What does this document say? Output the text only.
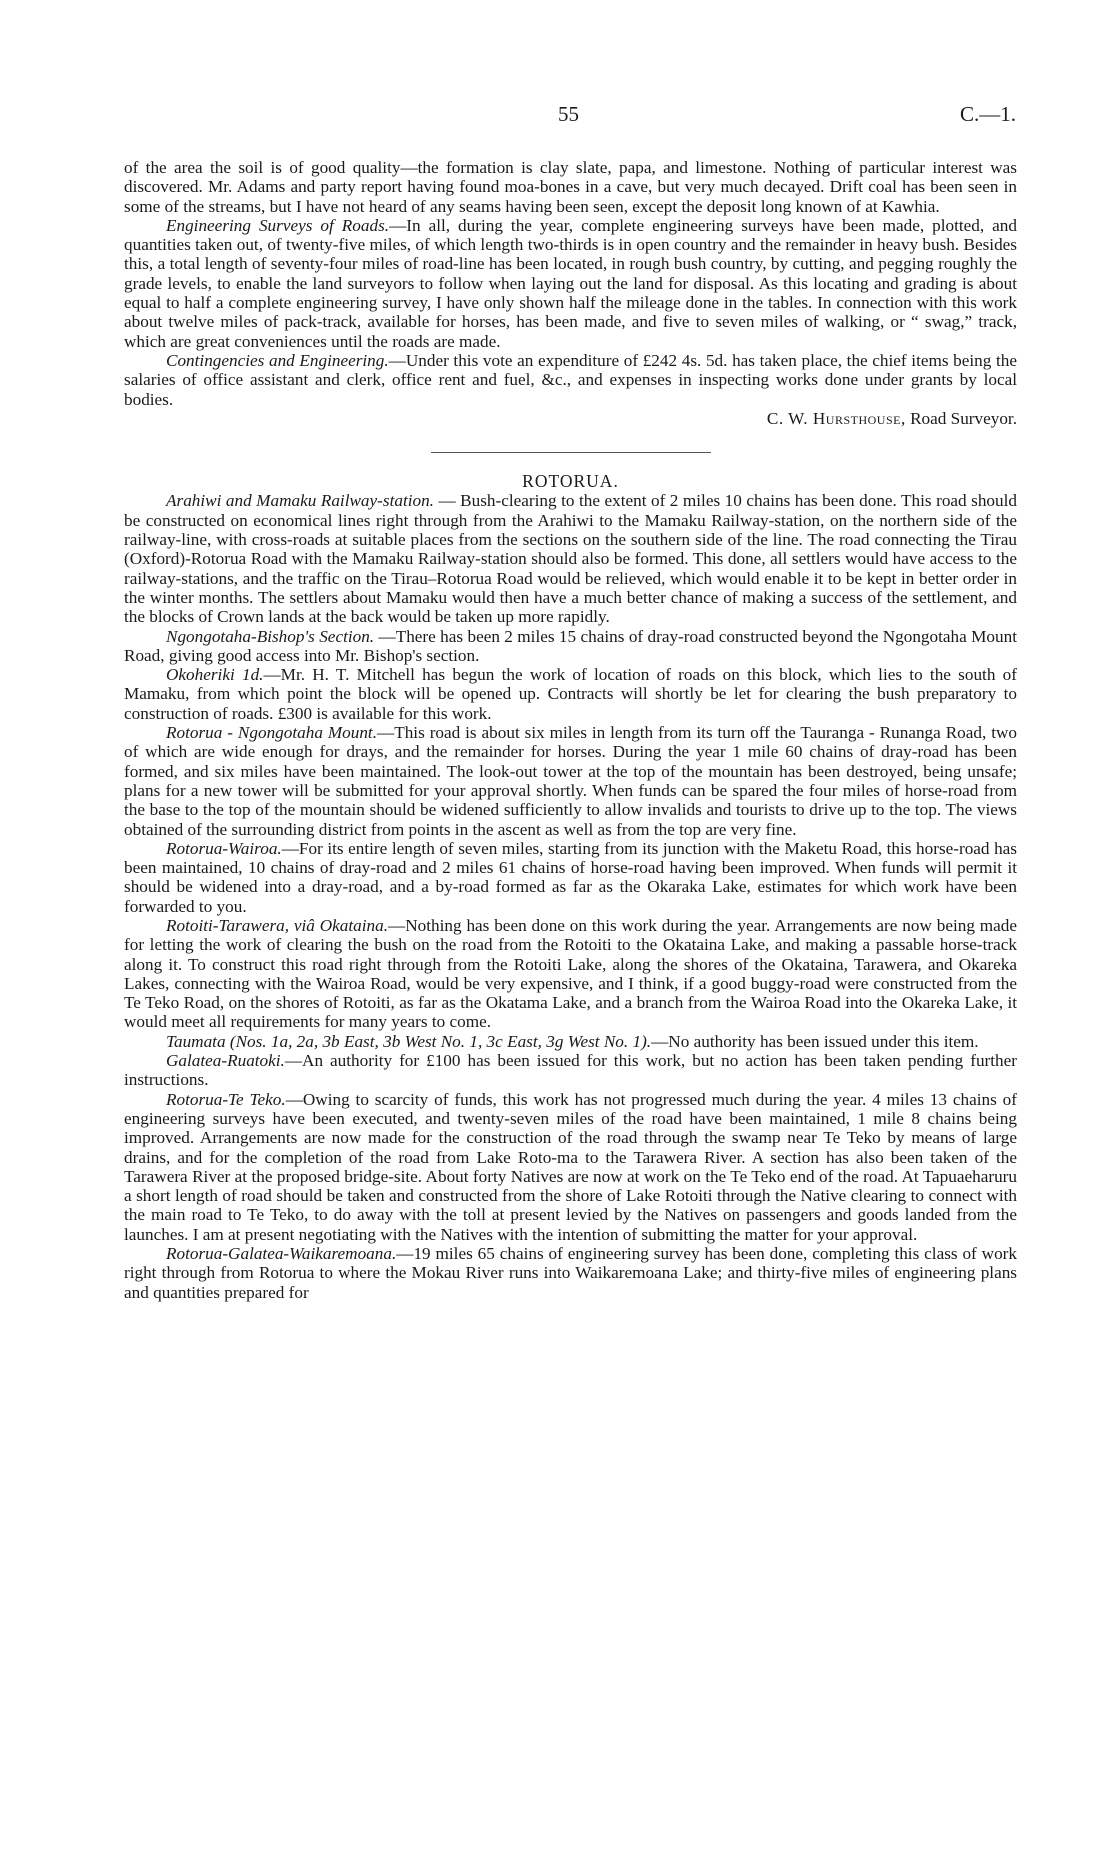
55	C.—1.

of the area the soil is of good quality—the formation is clay slate, papa, and limestone. Nothing of particular interest was discovered. Mr. Adams and party report having found moa-bones in a cave, but very much decayed. Drift coal has been seen in some of the streams, but I have not heard of any seams having been seen, except the deposit long known of at Kawhia.

Engineering Surveys of Roads.—In all, during the year, complete engineering surveys have been made, plotted, and quantities taken out, of twenty-five miles, of which length two-thirds is in open country and the remainder in heavy bush. Besides this, a total length of seventy-four miles of road-line has been located, in rough bush country, by cutting, and pegging roughly the grade levels, to enable the land surveyors to follow when laying out the land for disposal. As this locating and grading is about equal to half a complete engineering survey, I have only shown half the mileage done in the tables. In connection with this work about twelve miles of pack-track, available for horses, has been made, and five to seven miles of walking, or “ swag,” track, which are great conveniences until the roads are made.

Contingencies and Engineering.—Under this vote an expenditure of £242 4s. 5d. has taken place, the chief items being the salaries of office assistant and clerk, office rent and fuel, &c., and expenses in inspecting works done under grants by local bodies.

C. W. Hursthouse, Road Surveyor.

ROTORUA.

Arahiwi and Mamaku Railway-station. — Bush-clearing to the extent of 2 miles 10 chains has been done. This road should be constructed on economical lines right through from the Arahiwi to the Mamaku Railway-station, on the northern side of the railway-line, with cross-roads at suitable places from the sections on the southern side of the line. The road connecting the Tirau (Oxford)-Rotorua Road with the Mamaku Railway-station should also be formed. This done, all settlers would have access to the railway-stations, and the traffic on the Tirau–Rotorua Road would be relieved, which would enable it to be kept in better order in the winter months. The settlers about Mamaku would then have a much better chance of making a success of the settlement, and the blocks of Crown lands at the back would be taken up more rapidly.

Ngongotaha-Bishop's Section. —There has been 2 miles 15 chains of dray-road constructed beyond the Ngongotaha Mount Road, giving good access into Mr. Bishop's section.

Okoheriki 1d.—Mr. H. T. Mitchell has begun the work of location of roads on this block, which lies to the south of Mamaku, from which point the block will be opened up. Contracts will shortly be let for clearing the bush preparatory to construction of roads. £300 is available for this work.

Rotorua - Ngongotaha Mount.—This road is about six miles in length from its turn off the Tauranga - Runanga Road, two of which are wide enough for drays, and the remainder for horses. During the year 1 mile 60 chains of dray-road has been formed, and six miles have been maintained. The look-out tower at the top of the mountain has been destroyed, being unsafe; plans for a new tower will be submitted for your approval shortly. When funds can be spared the four miles of horse-road from the base to the top of the mountain should be widened sufficiently to allow invalids and tourists to drive up to the top. The views obtained of the surrounding district from points in the ascent as well as from the top are very fine.

Rotorua-Wairoa.—For its entire length of seven miles, starting from its junction with the Maketu Road, this horse-road has been maintained, 10 chains of dray-road and 2 miles 61 chains of horse-road having been improved. When funds will permit it should be widened into a dray-road, and a by-road formed as far as the Okaraka Lake, estimates for which work have been forwarded to you.

Rotoiti-Tarawera, viâ Okataina.—Nothing has been done on this work during the year. Arrangements are now being made for letting the work of clearing the bush on the road from the Rotoiti to the Okataina Lake, and making a passable horse-track along it. To construct this road right through from the Rotoiti Lake, along the shores of the Okataina, Tarawera, and Okareka Lakes, connecting with the Wairoa Road, would be very expensive, and I think, if a good buggy-road were constructed from the Te Teko Road, on the shores of Rotoiti, as far as the Okatama Lake, and a branch from the Wairoa Road into the Okareka Lake, it would meet all requirements for many years to come.

Taumata (Nos. 1a, 2a, 3b East, 3b West No. 1, 3c East, 3g West No. 1).—No authority has been issued under this item.

Galatea-Ruatoki.—An authority for £100 has been issued for this work, but no action has been taken pending further instructions.

Rotorua-Te Teko.—Owing to scarcity of funds, this work has not progressed much during the year. 4 miles 13 chains of engineering surveys have been executed, and twenty-seven miles of the road have been maintained, 1 mile 8 chains being improved. Arrangements are now made for the construction of the road through the swamp near Te Teko by means of large drains, and for the completion of the road from Lake Roto-ma to the Tarawera River. A section has also been taken of the Tarawera River at the proposed bridge-site. About forty Natives are now at work on the Te Teko end of the road. At Tapuaeharuru a short length of road should be taken and constructed from the shore of Lake Rotoiti through the Native clearing to connect with the main road to Te Teko, to do away with the toll at present levied by the Natives on passengers and goods landed from the launches. I am at present negotiating with the Natives with the intention of submitting the matter for your approval.

Rotorua-Galatea-Waikaremoana.—19 miles 65 chains of engineering survey has been done, completing this class of work right through from Rotorua to where the Mokau River runs into Waikaremoana Lake; and thirty-five miles of engineering plans and quantities prepared for
